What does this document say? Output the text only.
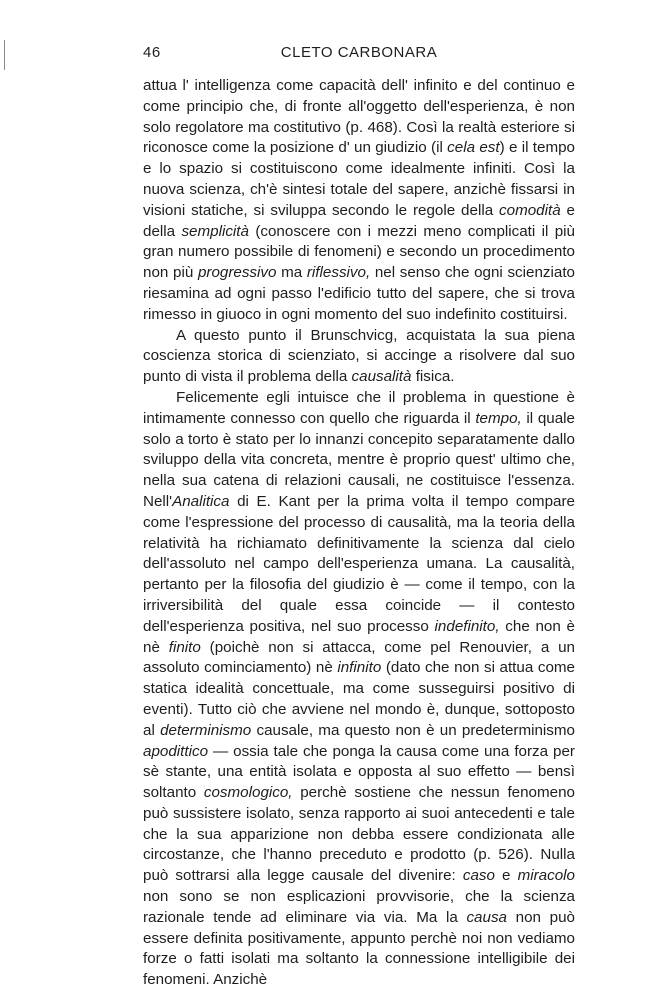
46	CLETO CARBONARA

attua l' intelligenza come capacità dell' infinito e del continuo e come principio che, di fronte all'oggetto dell'esperienza, è non solo regolatore ma costitutivo (p. 468). Così la realtà esteriore si riconosce come la posizione d' un giudizio (il cela est) e il tempo e lo spazio si costituiscono come idealmente infiniti. Così la nuova scienza, ch'è sintesi totale del sapere, anzichè fissarsi in visioni statiche, si sviluppa secondo le regole della comodità e della semplicità (conoscere con i mezzi meno complicati il più gran numero possibile di fenomeni) e secondo un procedimento non più progressivo ma riflessivo, nel senso che ogni scienziato riesamina ad ogni passo l'edificio tutto del sapere, che si trova rimesso in giuoco in ogni momento del suo indefinito costituirsi.

A questo punto il Brunschvicg, acquistata la sua piena coscienza storica di scienziato, si accinge a risolvere dal suo punto di vista il problema della causalità fisica.

Felicemente egli intuisce che il problema in questione è intimamente connesso con quello che riguarda il tempo, il quale solo a torto è stato per lo innanzi concepito separatamente dallo sviluppo della vita concreta, mentre è proprio quest' ultimo che, nella sua catena di relazioni causali, ne costituisce l'essenza. Nell'Analitica di E. Kant per la prima volta il tempo compare come l'espressione del processo di causalità, ma la teoria della relatività ha richiamato definitivamente la scienza dal cielo dell'assoluto nel campo dell'esperienza umana. La causalità, pertanto per la filosofia del giudizio è — come il tempo, con la irriversibilità del quale essa coincide — il contesto dell'esperienza positiva, nel suo processo indefinito, che non è nè finito (poichè non si attacca, come pel Renouvier, a un assoluto cominciamento) nè infinito (dato che non si attua come statica idealità concettuale, ma come susseguirsi positivo di eventi). Tutto ciò che avviene nel mondo è, dunque, sottoposto al determinismo causale, ma questo non è un predeterminismo apodittico — ossia tale che ponga la causa come una forza per sè stante, una entità isolata e opposta al suo effetto — bensì soltanto cosmologico, perchè sostiene che nessun fenomeno può sussistere isolato, senza rapporto ai suoi antecedenti e tale che la sua apparizione non debba essere condizionata alle circostanze, che l'hanno preceduto e prodotto (p. 526). Nulla può sottrarsi alla legge causale del divenire: caso e miracolo non sono se non esplicazioni provvisorie, che la scienza razionale tende ad eliminare via via. Ma la causa non può essere definita positivamente, appunto perchè noi non vediamo forze o fatti isolati ma soltanto la connessione intelligibile dei fenomeni. Anzichè
